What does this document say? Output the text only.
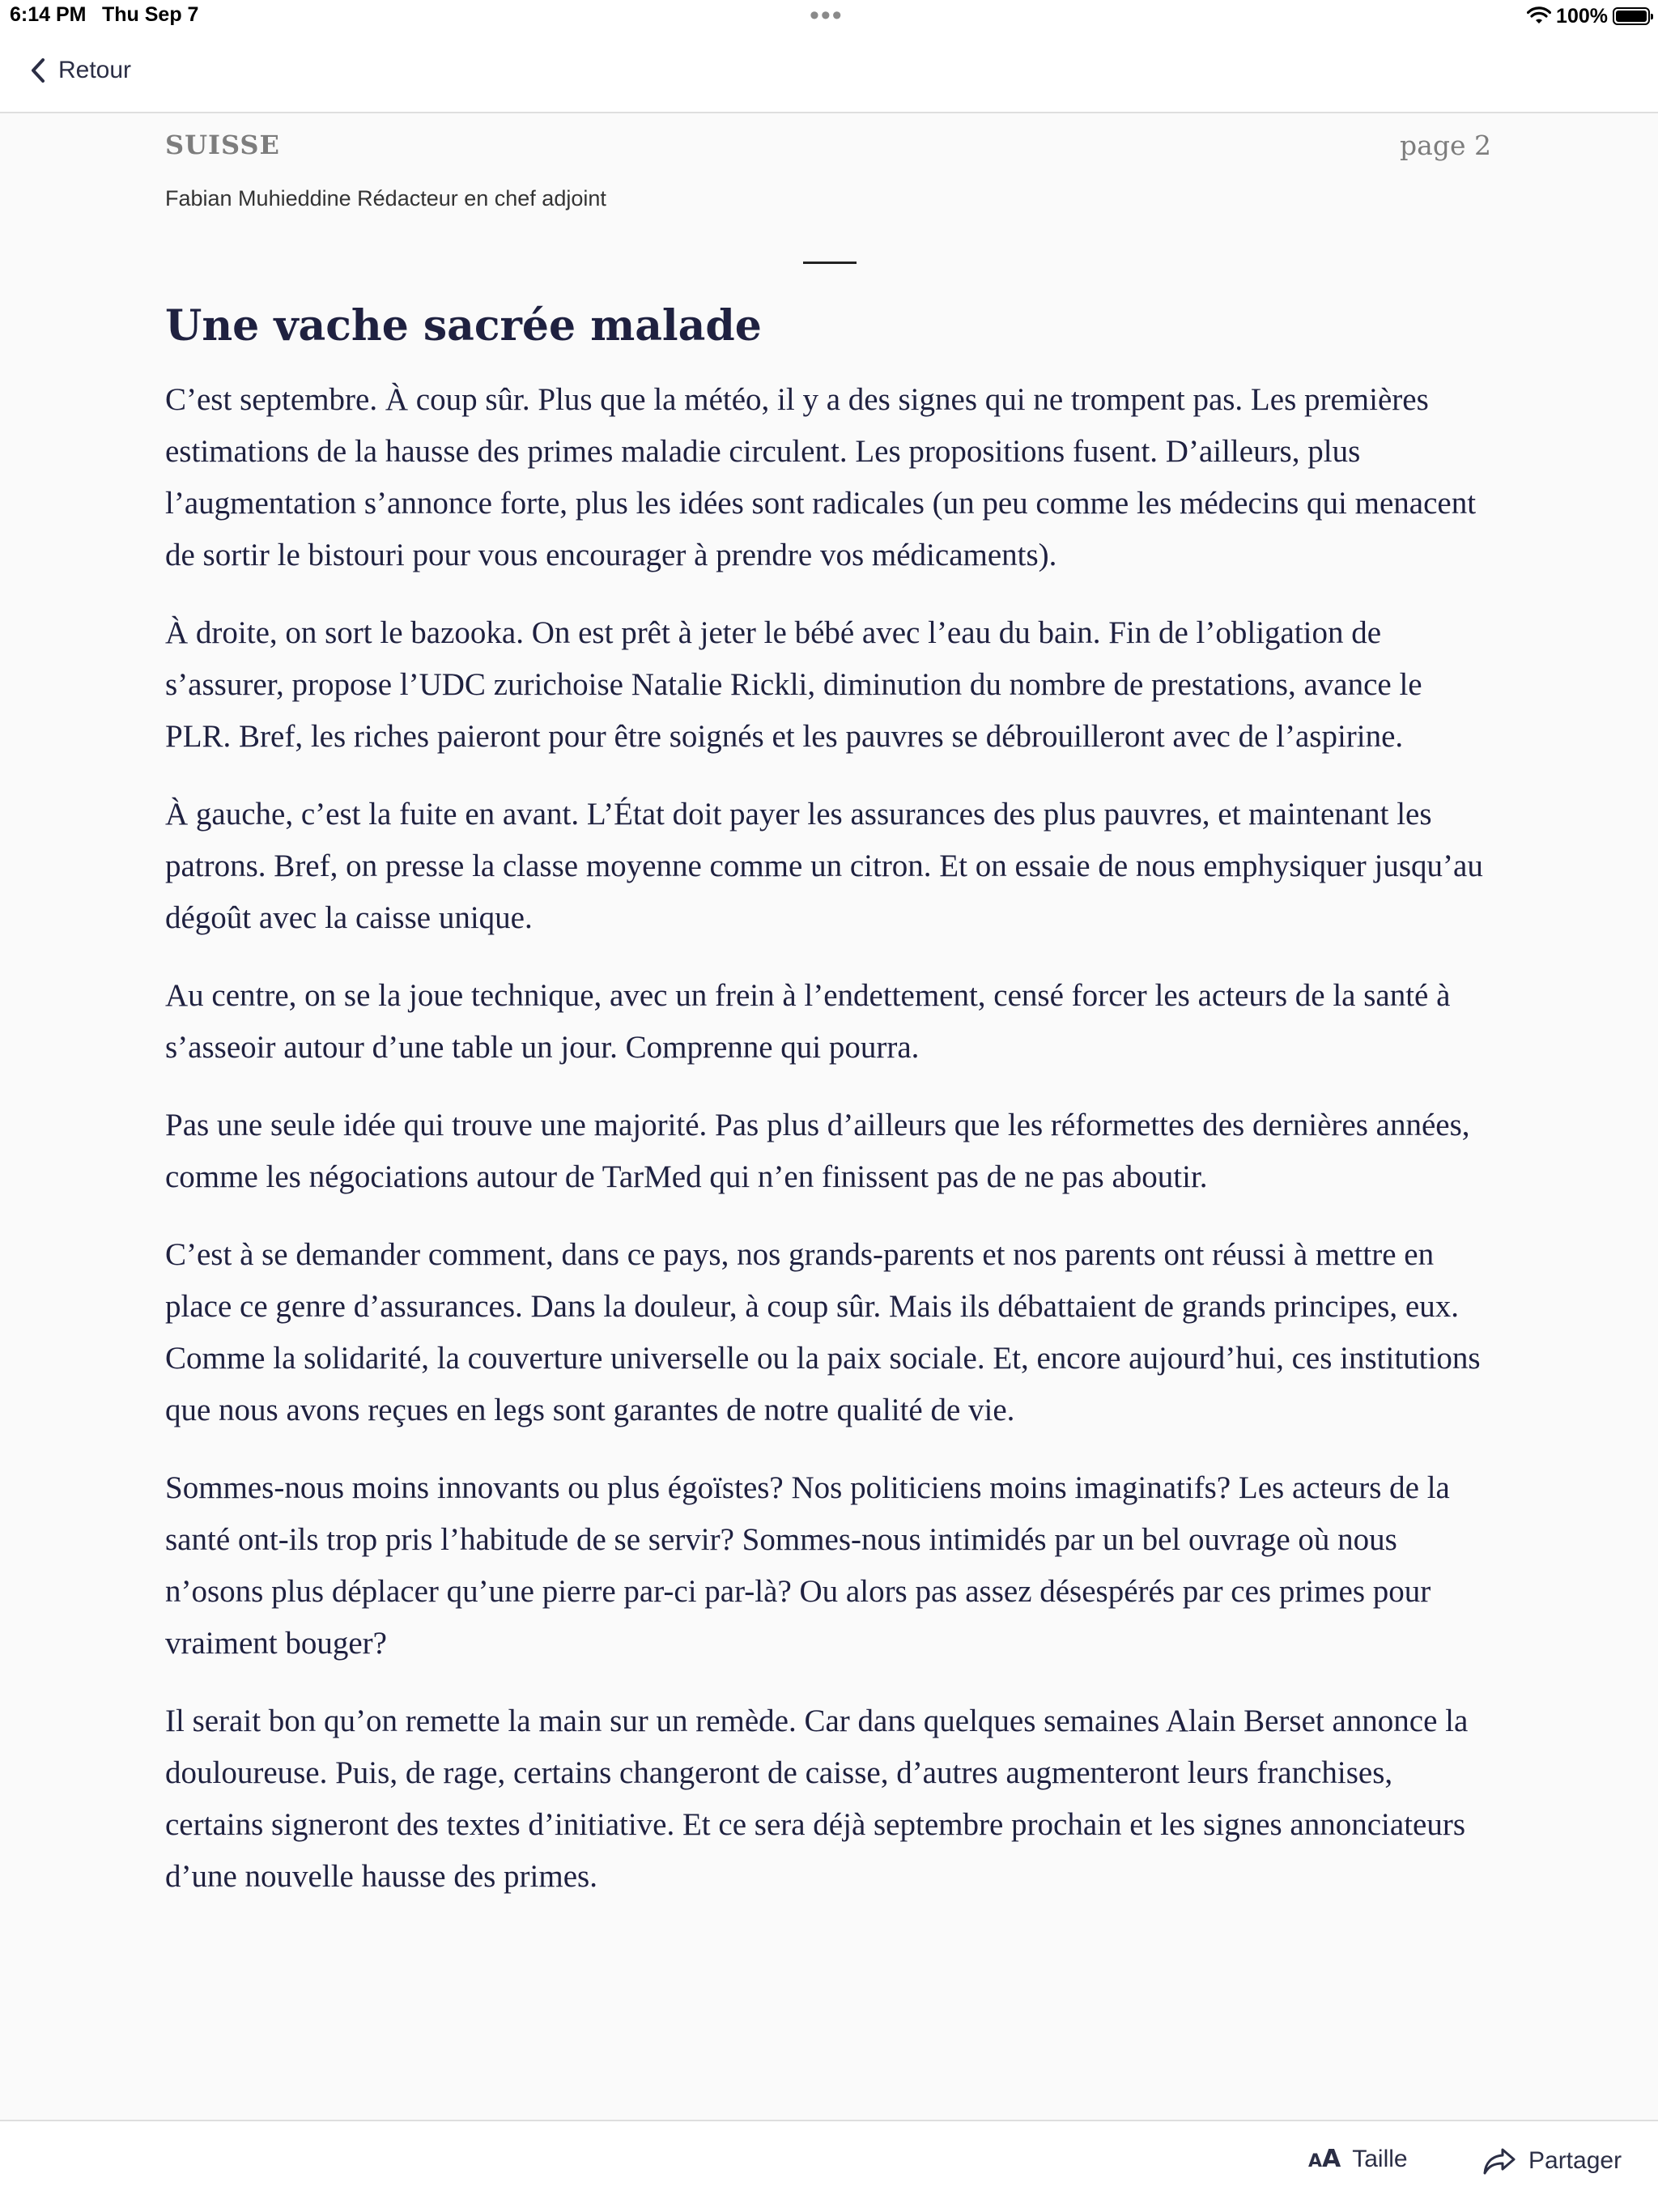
6:14 PM Thu Sep 7	•••	100%
Retour
SUISSE	page 2
Fabian Muhieddine Rédacteur en chef adjoint
Une vache sacrée malade

C’est septembre. À coup sûr. Plus que la météo, il y a des signes qui ne trompent pas. Les premières estimations de la hausse des primes maladie circulent. Les propositions fusent. D’ailleurs, plus l’augmentation s’annonce forte, plus les idées sont radicales (un peu comme les médecins qui menacent de sortir le bistouri pour vous encourager à prendre vos médicaments).

À droite, on sort le bazooka. On est prêt à jeter le bébé avec l’eau du bain. Fin de l’obligation de s’assurer, propose l’UDC zurichoise Natalie Rickli, diminution du nombre de prestations, avance le PLR. Bref, les riches paieront pour être soignés et les pauvres se débrouilleront avec de l’aspirine.

À gauche, c’est la fuite en avant. L’État doit payer les assurances des plus pauvres, et maintenant les patrons. Bref, on presse la classe moyenne comme un citron. Et on essaie de nous emphysiquer jusqu’au dégoût avec la caisse unique.

Au centre, on se la joue technique, avec un frein à l’endettement, censé forcer les acteurs de la santé à s’asseoir autour d’une table un jour. Comprenne qui pourra.

Pas une seule idée qui trouve une majorité. Pas plus d’ailleurs que les réformettes des dernières années, comme les négociations autour de TarMed qui n’en finissent pas de ne pas aboutir.

C’est à se demander comment, dans ce pays, nos grands-parents et nos parents ont réussi à mettre en place ce genre d’assurances. Dans la douleur, à coup sûr. Mais ils débattaient de grands principes, eux. Comme la solidarité, la couverture universelle ou la paix sociale. Et, encore aujourd’hui, ces institutions que nous avons reçues en legs sont garantes de notre qualité de vie.

Sommes-nous moins innovants ou plus égoïstes? Nos politiciens moins imaginatifs? Les acteurs de la santé ont-ils trop pris l’habitude de se servir? Sommes-nous intimidés par un bel ouvrage où nous n’osons plus déplacer qu’une pierre par-ci par-là? Ou alors pas assez désespérés par ces primes pour vraiment bouger?

Il serait bon qu’on remette la main sur un remède. Car dans quelques semaines Alain Berset annonce la douloureuse. Puis, de rage, certains changeront de caisse, d’autres augmenteront leurs franchises, certains signeront des textes d’initiative. Et ce sera déjà septembre prochain et les signes annonciateurs d’une nouvelle hausse des primes.

A A Taille	Partager
